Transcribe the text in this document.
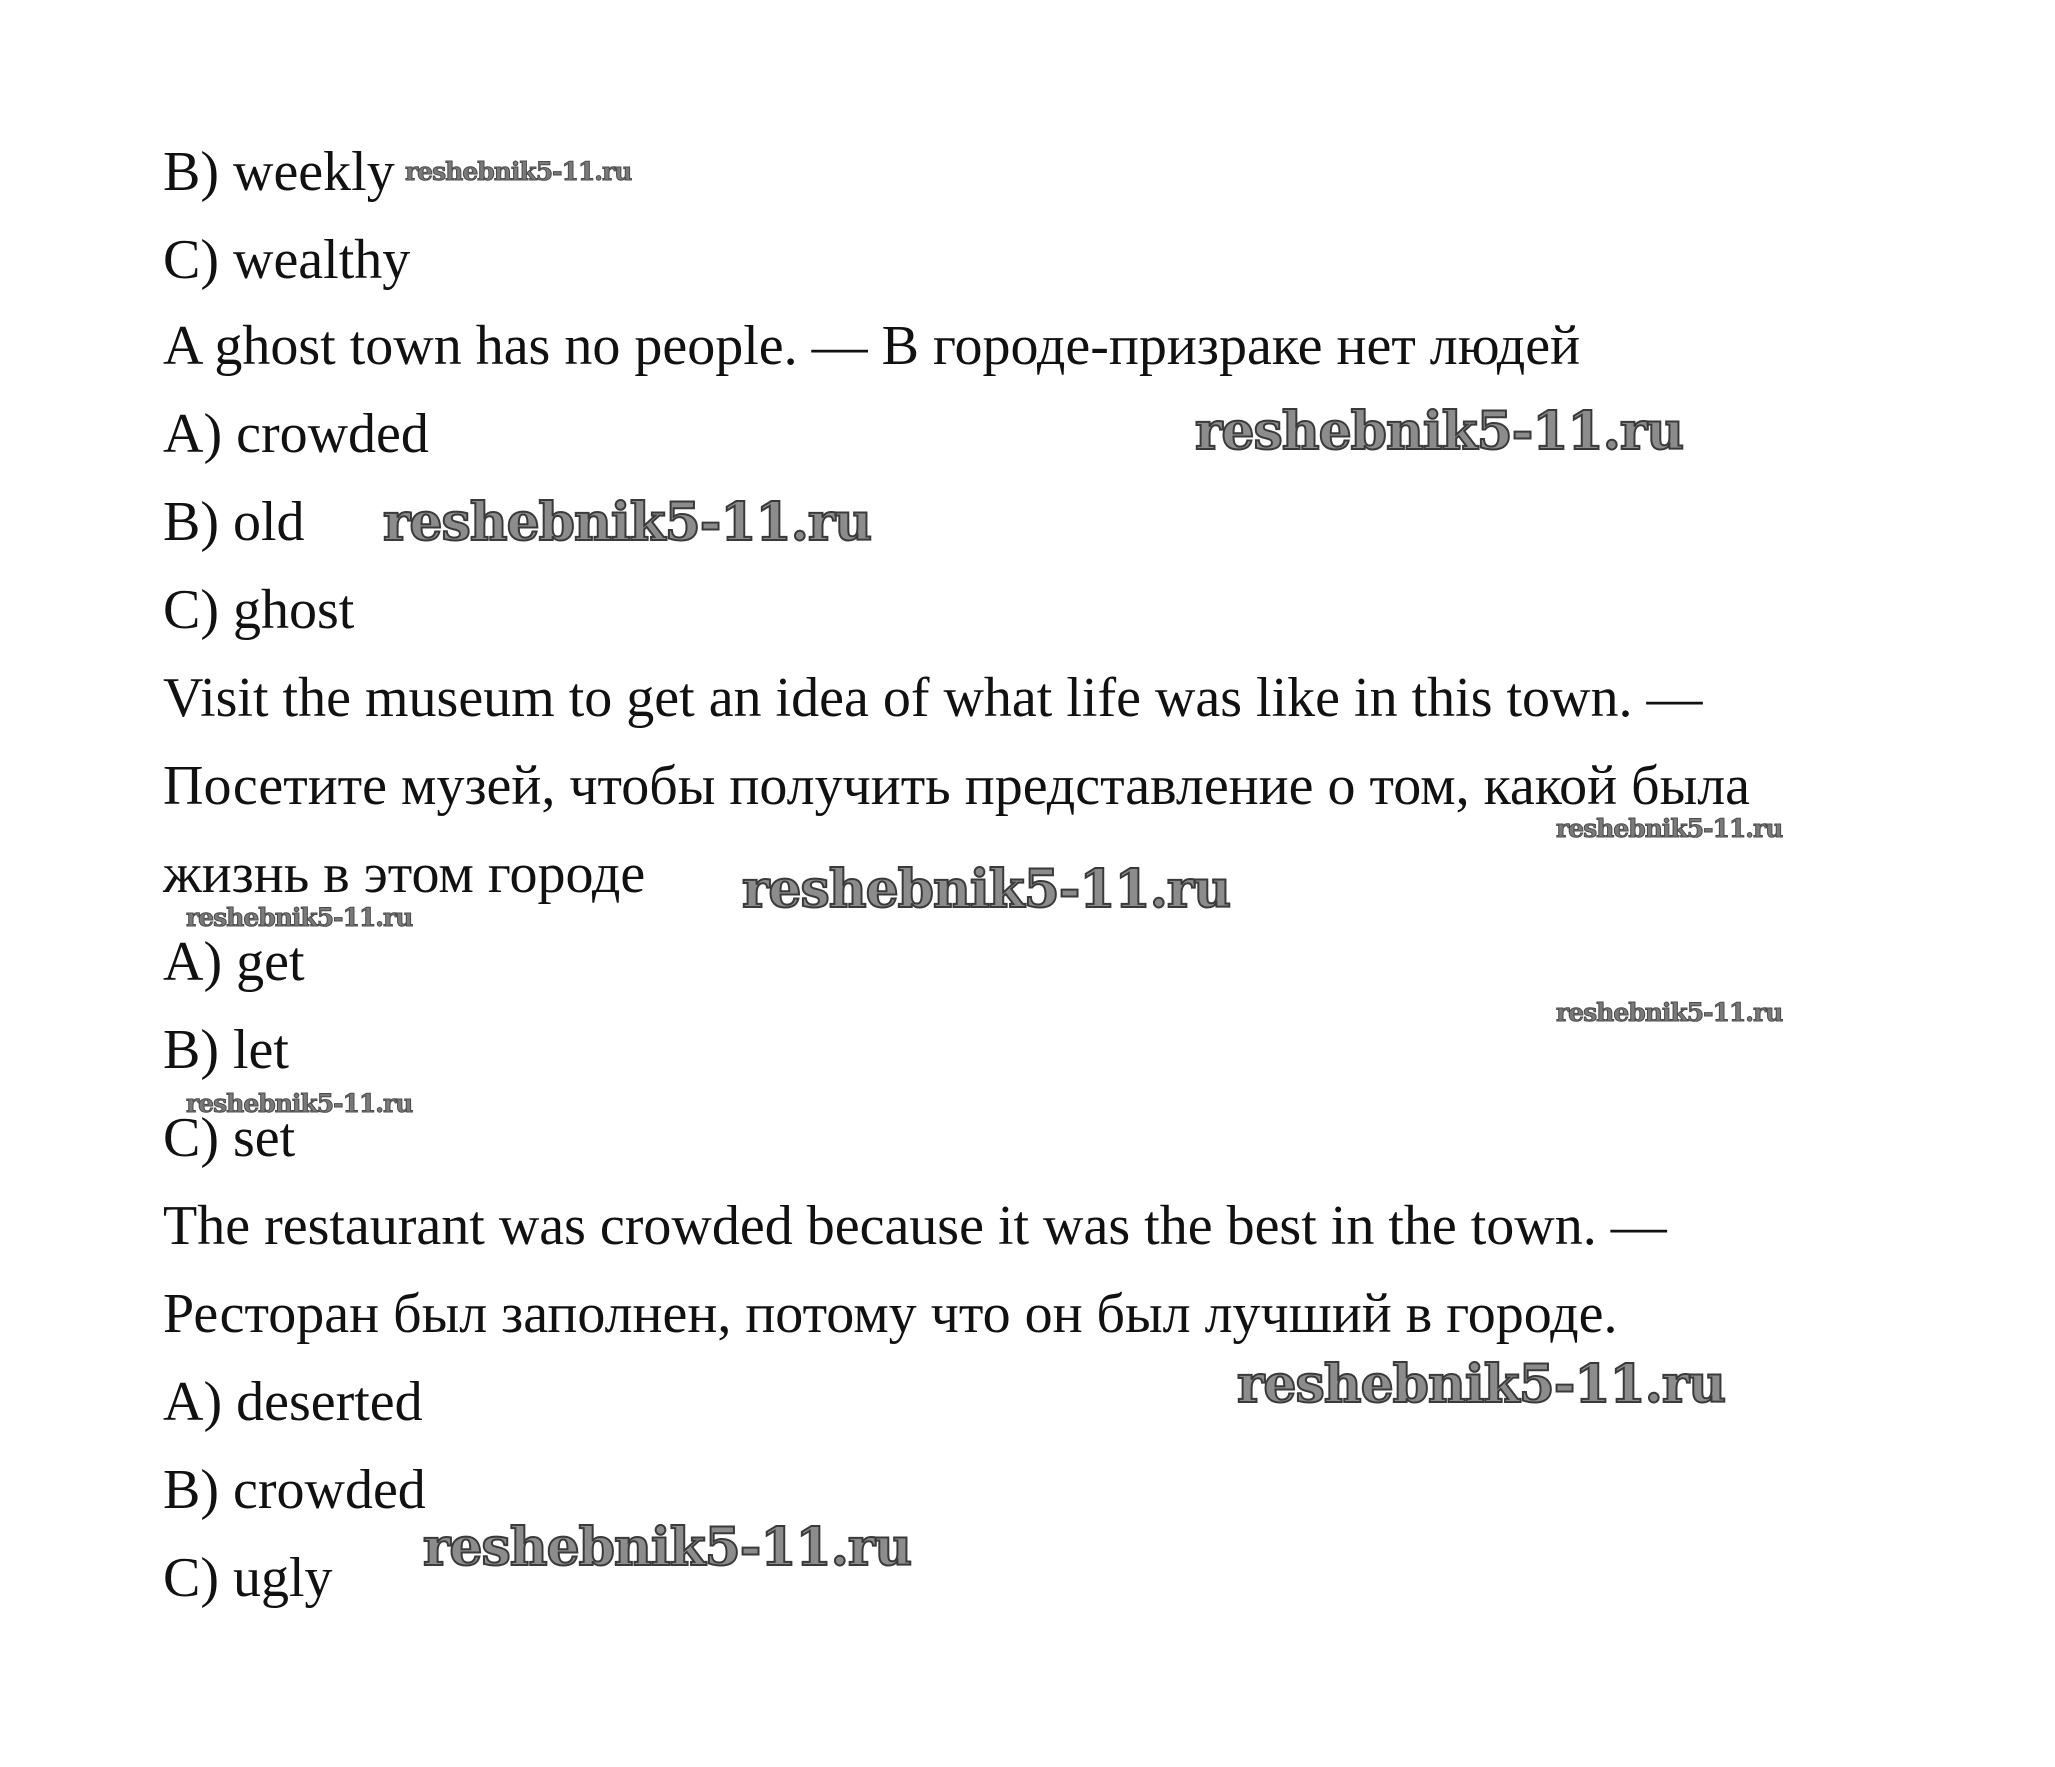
B) weekly

C) wealthy

A ghost town has no people. — В городе-призраке нет людей

A) crowded

B) old

C) ghost

Visit the museum to get an idea of what life was like in this town. —

Посетите музей, чтобы получить представление о том, какой была

жизнь в этом городе

A) get

B) let

C) set

The restaurant was crowded because it was the best in the town. —

Ресторан был заполнен, потому что он был лучший в городе.

A) deserted

B) crowded

C) ugly

reshebnik5-11.ru
reshebnik5-11.ru
reshebnik5-11.ru
reshebnik5-11.ru
reshebnik5-11.ru
reshebnik5-11.ru
reshebnik5-11.ru
reshebnik5-11.ru
reshebnik5-11.ru
reshebnik5-11.ru
